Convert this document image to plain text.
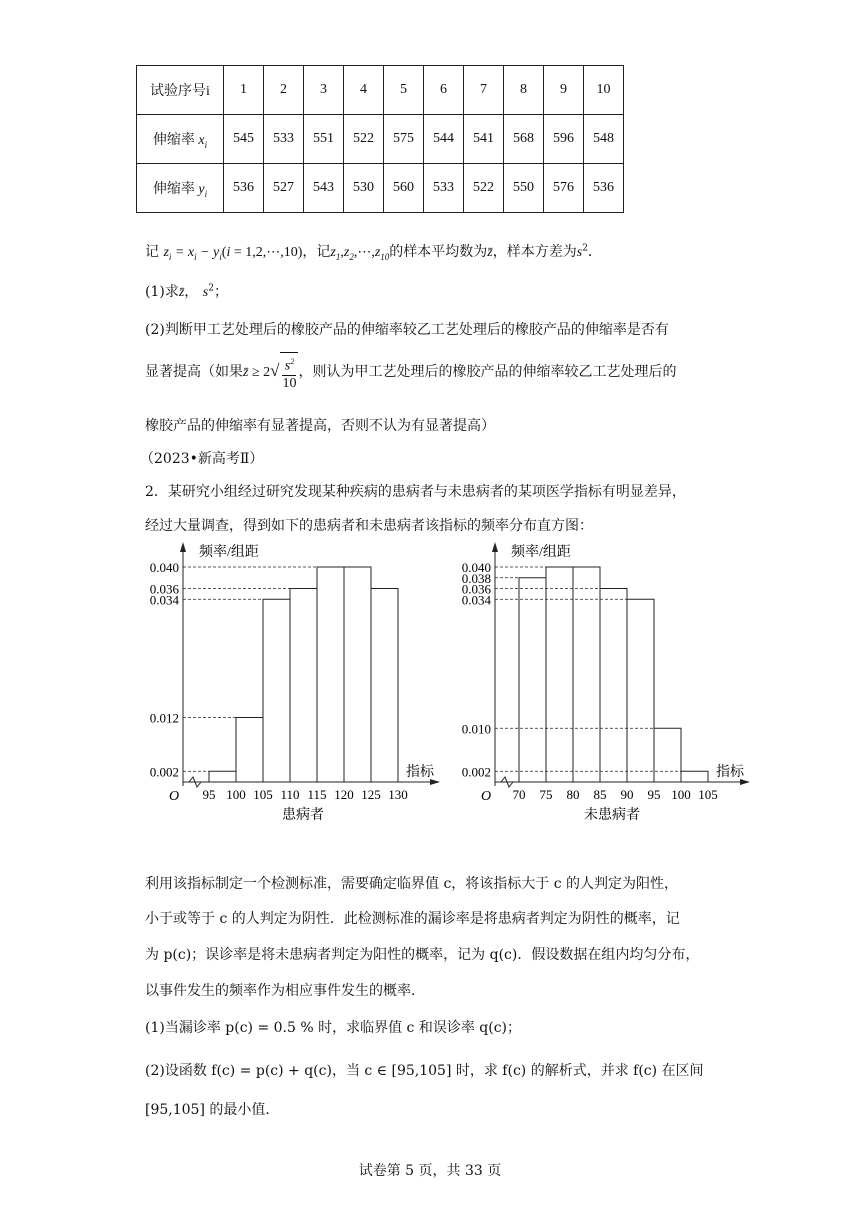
试验序号i	1	2	3	4	5	6	7	8	9	10
伸缩率 $x_i$	545	533	551	522	575	544	541	568	596	548
伸缩率 $y_i$	536	527	543	530	560	533	522	550	576	536
记 $z_i = x_i - y_i(i$ = 1,2,⋯,10)，记$z_1,z_2,\cdots,z_{10}$的样本平均数为z̄，样本方差为$s^2$．
(1)求z̄， $s^2$；
(2)判断甲工艺处理后的橡胶产品的伸缩率较乙工艺处理后的橡胶产品的伸缩率是否有
显著提高（如果z̄ ≥ $2√ \frac{s^2}{10}$ ，则认为甲工艺处理后的橡胶产品的伸缩率较乙工艺处理后的
橡胶产品的伸缩率有显著提高，否则不认为有显著提高）
（2023•新高考Ⅱ）
2．某研究小组经过研究发现某种疾病的患病者与未患病者的某项医学指标有明显差异，
经过大量调查，得到如下的患病者和未患病者该指标的频率分布直方图：
O
频率/组距
指标
0.002
0.012
0.034
0.036
0.040
95 100 105 110 115 120 125 130
患病者
O
频率/组距
指标
0.002
0.010
0.034
0.036
0.038
0.040
70 75 80 85 90 95 100 105
未患病者
利用该指标制定一个检测标准，需要确定临界值 c，将该指标大于 c 的人判定为阳性，
小于或等于 c 的人判定为阴性．此检测标准的漏诊率是将患病者判定为阴性的概率，记
为 p(c)；误诊率是将未患病者判定为阳性的概率，记为 q(c)．假设数据在组内均匀分布，
以事件发生的频率作为相应事件发生的概率．
(1)当漏诊率 p(c) = 0.5 % 时，求临界值 c 和误诊率 q(c)；
(2)设函数 f(c) = p(c) + q(c)，当 c ∈ [95,105] 时，求 f(c) 的解析式，并求 f(c) 在区间
[95,105] 的最小值．
试卷第 5 页，共 33 页
